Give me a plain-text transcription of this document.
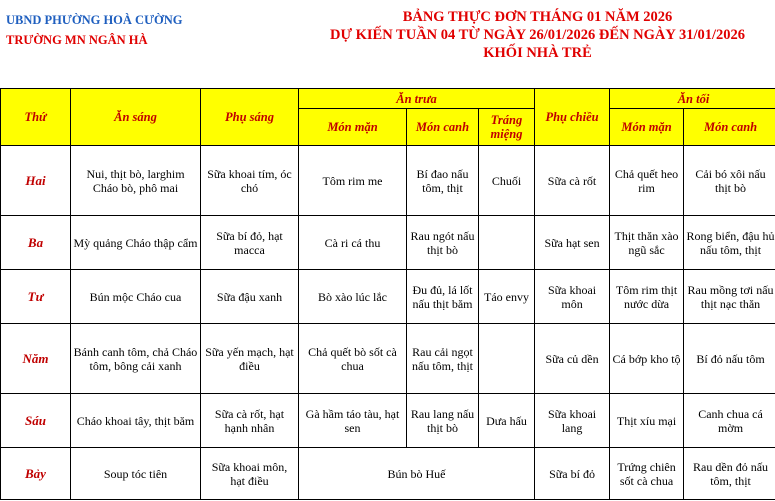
UBND PHƯỜNG HOÀ CƯỜNG
TRƯỜNG MN NGÂN HÀ
BẢNG THỰC ĐƠN THÁNG 01 NĂM 2026
DỰ KIẾN TUẦN 04 TỪ NGÀY 26/01/2026 ĐẾN NGÀY 31/01/2026
KHỐI NHÀ TRẺ
Thứ	Ăn sáng	Phụ sáng	Ăn trưa			Phụ chiều	Ăn tối	
			Món mặn	Món canh	Tráng miệng		Món mặn	Món canh
Hai	Nui, thịt bò, larghim Cháo bò, phô mai	Sữa khoai tím, óc chó	Tôm rim me	Bí đao nấu tôm, thịt	Chuối	Sữa cà rốt	Chả quết heo rim	Cải bó xôi nấu thịt bò
Ba	Mỳ quảng Cháo thập cẩm	Sữa bí đỏ, hạt macca	Cà ri cá thu	Rau ngót nấu thịt bò		Sữa hạt sen	Thịt thăn xào ngũ sắc	Rong biển, đậu hủ nấu tôm, thịt
Tư	Bún mộc Cháo cua	Sữa đậu xanh	Bò xào lúc lắc	Đu đủ, lá lốt nấu thịt băm	Táo envy	Sữa khoai môn	Tôm rim thịt nước dừa	Rau mồng tơi nấu thịt nạc thăn
Năm	Bánh canh tôm, chả Cháo tôm, bông cải xanh	Sữa yến mạch, hạt điều	Chả quết bò sốt cà chua	Rau cải ngọt nấu tôm, thịt		Sữa củ dền	Cá bớp kho tộ	Bí đỏ nấu tôm
Sáu	Cháo khoai tây, thịt băm	Sữa cà rốt, hạt hạnh nhân	Gà hầm táo tàu, hạt sen	Rau lang nấu thịt bò	Dưa hấu	Sữa khoai lang	Thịt xíu mại	Canh chua cá mờm
Bảy	Soup tóc tiên	Sữa khoai môn, hạt điều	Bún bò Huế			Sữa bí đỏ	Trứng chiên sốt cà chua	Rau dền đỏ nấu tôm, thịt
